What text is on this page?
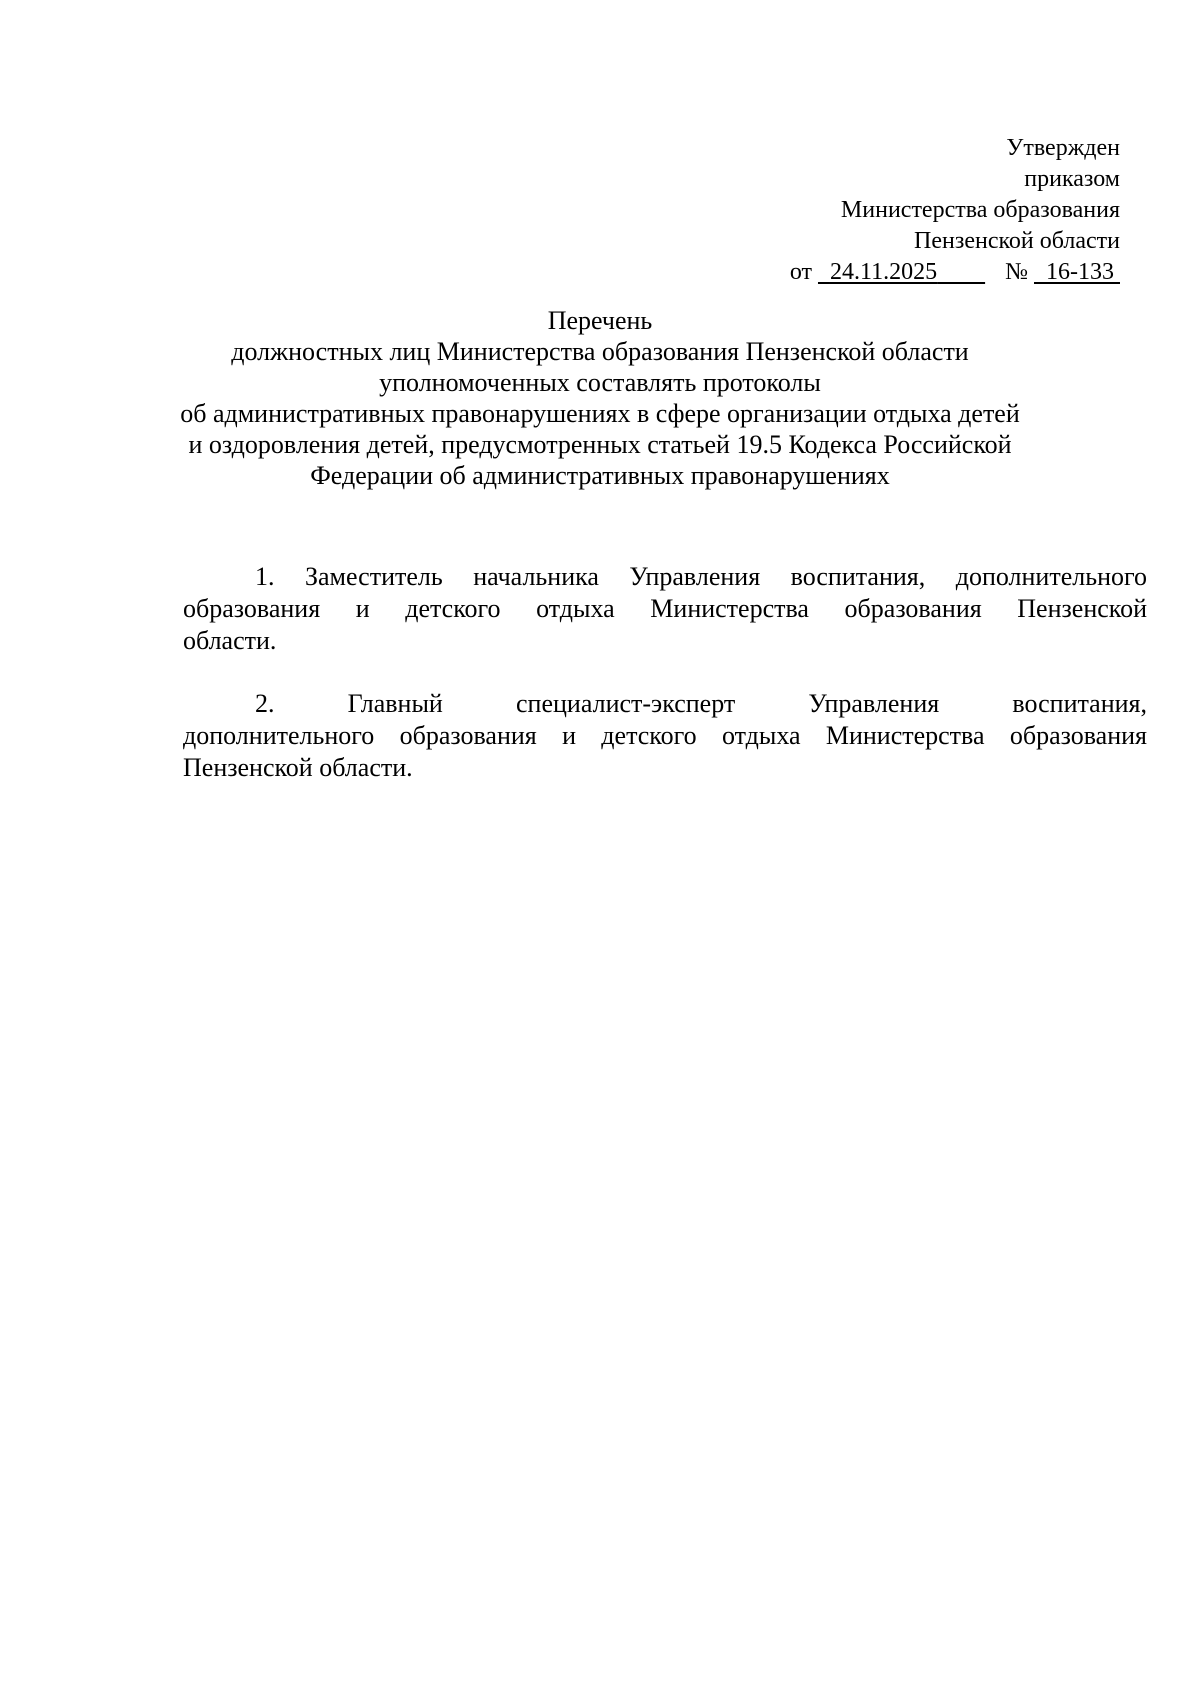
Утвержден
приказом
Министерства образования
Пензенской области
от 24.11.2025	№ 16-133
Перечень
должностных лиц Министерства образования Пензенской области
уполномоченных составлять протоколы
об административных правонарушениях в сфере организации отдыха детей
и оздоровления детей, предусмотренных статьей 19.5 Кодекса Российской
Федерации об административных правонарушениях
1. Заместитель начальника Управления воспитания, дополнительного
образования и детского отдыха Министерства образования Пензенской
области.
2. Главный специалист-эксперт Управления воспитания,
дополнительного образования и детского отдыха Министерства образования
Пензенской области.
